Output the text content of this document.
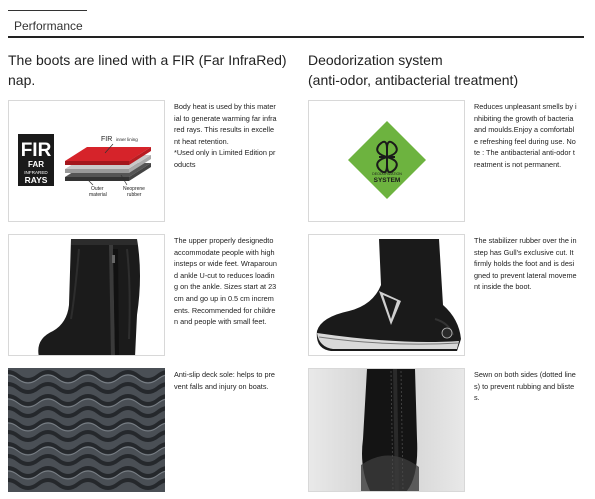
Performance
The boots are lined with a FIR (Far InfraRed)
nap.
Deodorization system
(anti-odor, antibacterial treatment)
FIR
FAR
INFRARED
RAYS
FIR inner lining
Neoprene
rubber
Outer
material
Body heat is used by this mater
ial to generate warming far infra
red rays. This results in excelle
nt heat retention.
*Used only in Limited Edition pr
oducts
DEODORIZATION
SYSTEM
Reduces unpleasant smells by i
nhibiting the growth of bacteria
and moulds.Enjoy a comfortabl
e refreshing feel during use. No
te : The antibacterial anti-odor t
reatment is not permanent.
The upper properly designedto
accommodate people with high
insteps or wide feet. Wraparoun
d ankle U-cut to reduces loadin
g on the ankle. Sizes start at 23
cm and go up in 0.5 cm increm
ents. Recommended for childre
n and people with small feet.
The stabilizer rubber over the in
step has Gull's exclusive cut. It
firmly holds the foot and is desi
gned to prevent lateral moveme
nt inside the boot.
Anti-slip deck sole: helps to pre
vent falls and injury on boats.
Sewn on both sides (dotted line
s) to prevent rubbing and bliste
s.
